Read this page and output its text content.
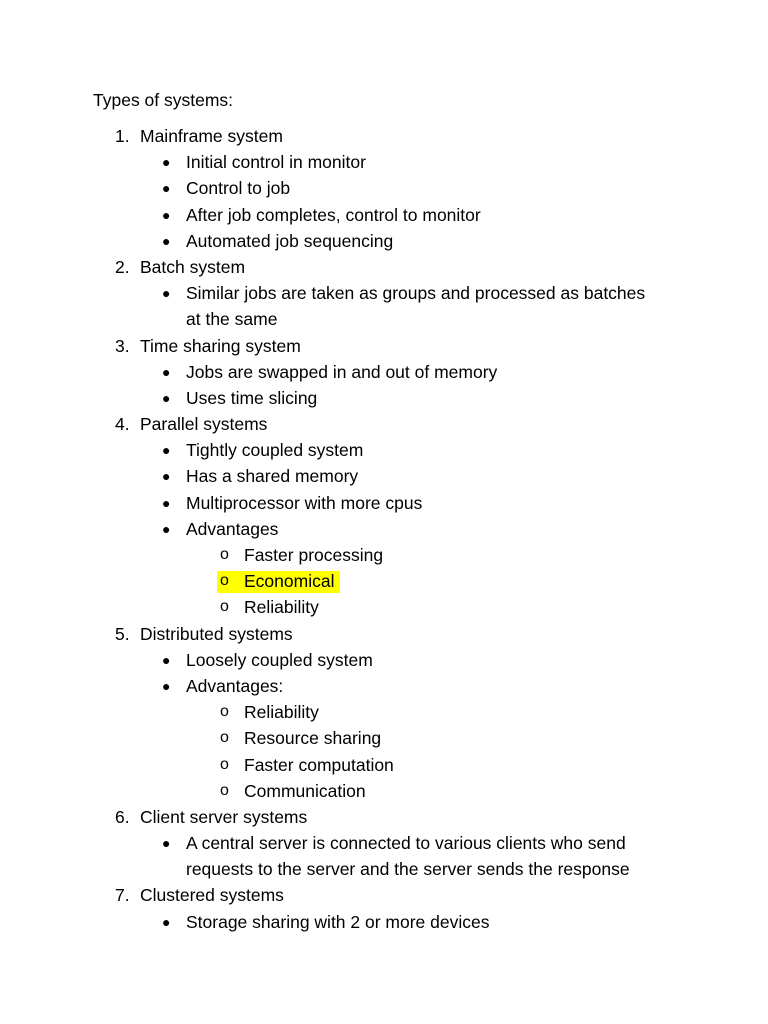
Types of systems:
1. Mainframe system
● Initial control in monitor
● Control to job
● After job completes, control to monitor
● Automated job sequencing
2. Batch system
● Similar jobs are taken as groups and processed as batches
at the same
3. Time sharing system
● Jobs are swapped in and out of memory
● Uses time slicing
4. Parallel systems
● Tightly coupled system
● Has a shared memory
● Multiprocessor with more cpus
● Advantages
o Faster processing
o Economical
o Reliability
5. Distributed systems
● Loosely coupled system
● Advantages:
o Reliability
o Resource sharing
o Faster computation
o Communication
6. Client server systems
● A central server is connected to various clients who send
requests to the server and the server sends the response
7. Clustered systems
● Storage sharing with 2 or more devices
